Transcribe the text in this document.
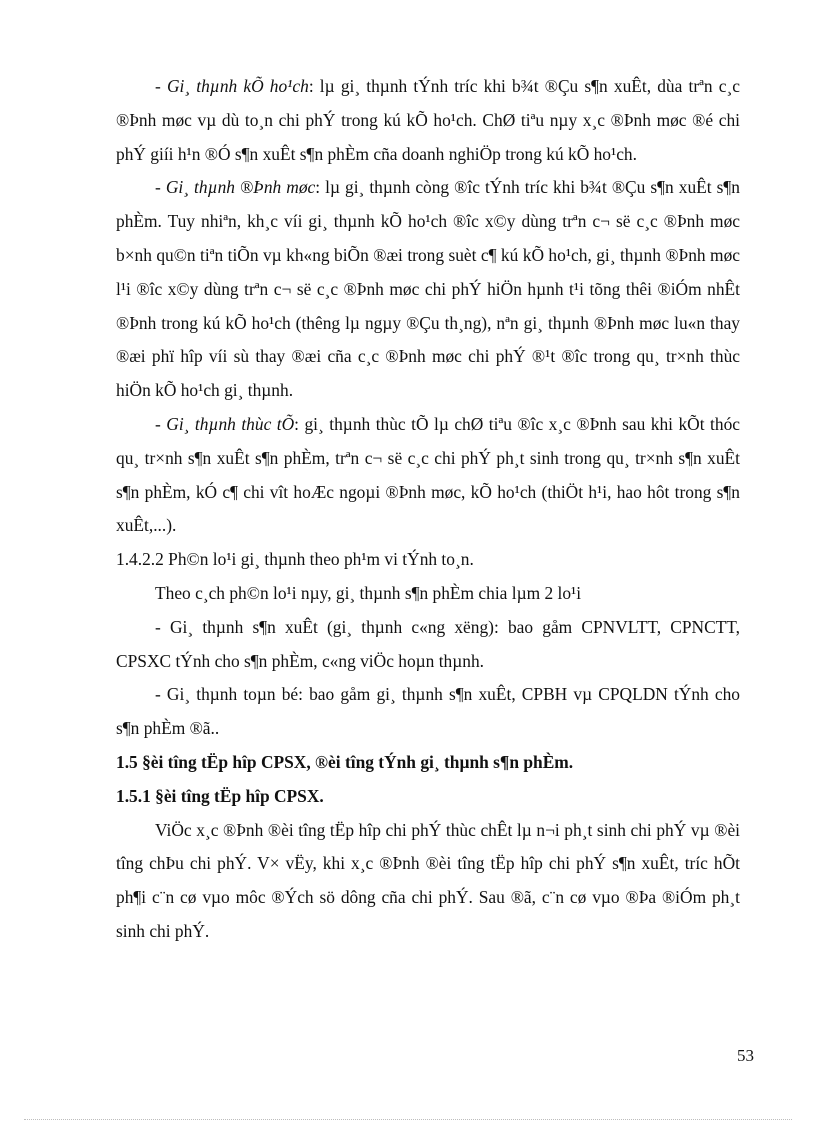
- Gi¸ thµnh kÕ ho¹ch: lµ gi¸ thµnh tÝnh tríc khi b¾t ®Çu s¶n xuÊt, dùa trªn c¸c ®Þnh møc vµ dù to¸n chi phÝ trong kú kÕ ho¹ch. ChØ tiªu nµy x¸c ®Þnh møc ®é chi phÝ giíi h¹n ®Ó s¶n xuÊt s¶n phÈm cña doanh nghiÖp trong kú kÕ ho¹ch.

- Gi¸ thµnh ®Þnh møc: lµ gi¸ thµnh còng ®îc tÝnh tríc khi b¾t ®Çu s¶n xuÊt s¶n phÈm. Tuy nhiªn, kh¸c víi gi¸ thµnh kÕ ho¹ch ®îc x©y dùng trªn c¬ së c¸c ®Þnh møc b×nh qu©n tiªn tiÕn vµ kh«ng biÕn ®æi trong suèt c¶ kú kÕ ho¹ch, gi¸ thµnh ®Þnh møc l¹i ®îc x©y dùng trªn c¬ së c¸c ®Þnh møc chi phÝ hiÖn hµnh t¹i tõng thêi ®iÓm nhÊt ®Þnh trong kú kÕ ho¹ch (thêng lµ ngµy ®Çu th¸ng), nªn gi¸ thµnh ®Þnh møc lu«n thay ®æi phï hîp víi sù thay ®æi cña c¸c ®Þnh møc chi phÝ ®¹t ®îc trong qu¸ tr×nh thùc hiÖn kÕ ho¹ch gi¸ thµnh.

- Gi¸ thµnh thùc tÕ: gi¸ thµnh thùc tÕ lµ chØ tiªu ®îc x¸c ®Þnh sau khi kÕt thóc qu¸ tr×nh s¶n xuÊt s¶n phÈm, trªn c¬ së c¸c chi phÝ ph¸t sinh trong qu¸ tr×nh s¶n xuÊt s¶n phÈm, kÓ c¶ chi vît hoÆc ngoµi ®Þnh møc, kÕ ho¹ch (thiÖt h¹i, hao hôt trong s¶n xuÊt,...).

1.4.2.2 Ph©n lo¹i gi¸ thµnh theo ph¹m vi tÝnh to¸n.

Theo c¸ch ph©n lo¹i nµy, gi¸ thµnh s¶n phÈm chia lµm 2 lo¹i

- Gi¸ thµnh s¶n xuÊt (gi¸ thµnh c«ng xëng): bao gåm CPNVLTT, CPNCTT, CPSXC tÝnh cho s¶n phÈm, c«ng viÖc hoµn thµnh.

- Gi¸ thµnh toµn bé: bao gåm gi¸ thµnh s¶n xuÊt, CPBH vµ CPQLDN tÝnh cho s¶n phÈm ®ã..

1.5 §èi tîng tËp hîp CPSX, ®èi tîng tÝnh gi¸ thµnh s¶n phÈm.

1.5.1 §èi tîng tËp hîp CPSX.

ViÖc x¸c ®Þnh ®èi tîng tËp hîp chi phÝ thùc chÊt lµ n¬i ph¸t sinh chi phÝ vµ ®èi tîng chÞu chi phÝ. V× vËy, khi x¸c ®Þnh ®èi tîng tËp hîp chi phÝ s¶n xuÊt, tríc hÕt ph¶i c¨n cø vµo môc ®Ých sö dông cña chi phÝ. Sau ®ã, c¨n cø vµo ®Þa ®iÓm ph¸t sinh chi phÝ.

53
